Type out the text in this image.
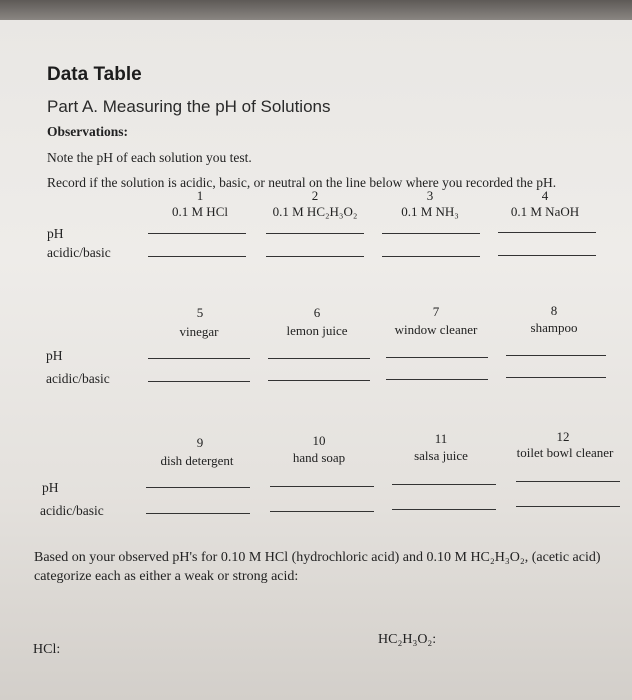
Data Table
Part A. Measuring the pH of Solutions
Observations:
Note the pH of each solution you test.
Record if the solution is acidic, basic, or neutral on the line below where you recorded the pH.
1	2	3	4
0.1 M HCl	0.1 M HC₂H₃O₂	0.1 M NH₃	0.1 M NaOH
pH
acidic/basic
5	6	7	8
vinegar	lemon juice	window cleaner	shampoo
pH
acidic/basic
9	10	11	12
dish detergent	hand soap	salsa juice	toilet bowl cleaner
pH
acidic/basic
Based on your observed pH's for 0.10 M HCl (hydrochloric acid) and 0.10 M HC₂H₃O₂, (acetic acid) categorize each as either a weak or strong acid:
HCl:
HC₂H₃O₂:
